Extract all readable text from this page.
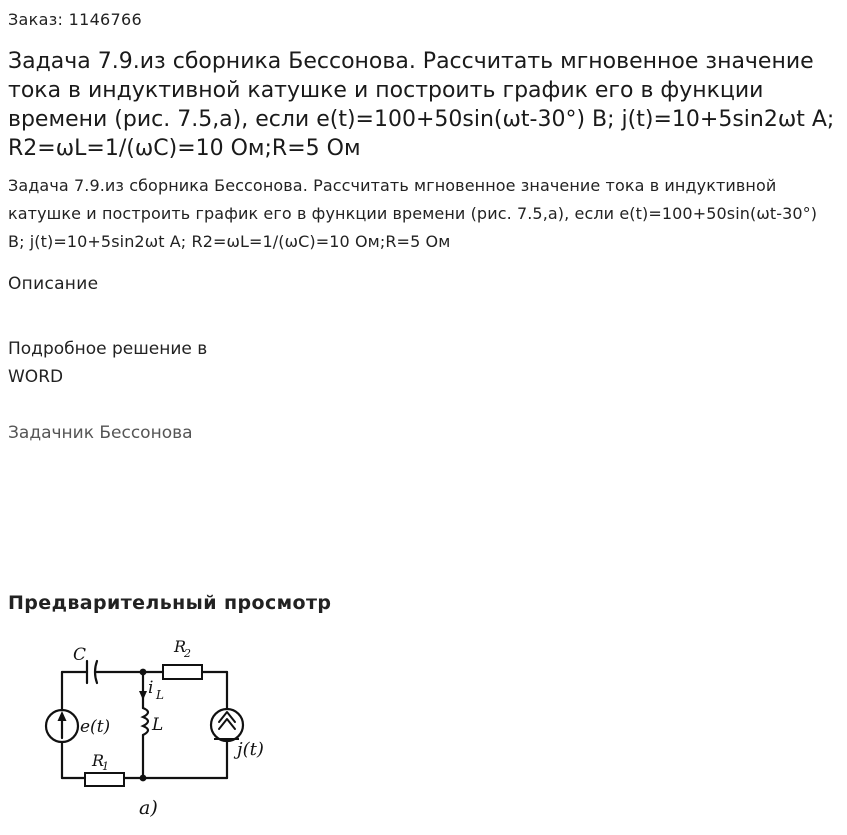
Заказ: 1146766
Задача 7.9.из сборника Бессонова. Рассчитать мгновенное значение тока в индуктивной катушке и построить график его в функции времени (рис. 7.5,а), если e(t)=100+50sin(ωt-30°) В; j(t)=10+5sin2ωt А; R2=ωL=1/(ωC)=10 Ом;R=5 Ом
Задача 7.9.из сборника Бессонова. Рассчитать мгновенное значение тока в индуктивной катушке и построить график его в функции времени (рис. 7.5,а), если e(t)=100+50sin(ωt-30°) В; j(t)=10+5sin2ωt А; R2=ωL=1/(ωC)=10 Ом;R=5 Ом
Описание
Подробное решение в WORD
Задачник Бессонова
Предварительный просмотр
C	R
2
i L
L
e(t)
j(t)
R
1
a)
